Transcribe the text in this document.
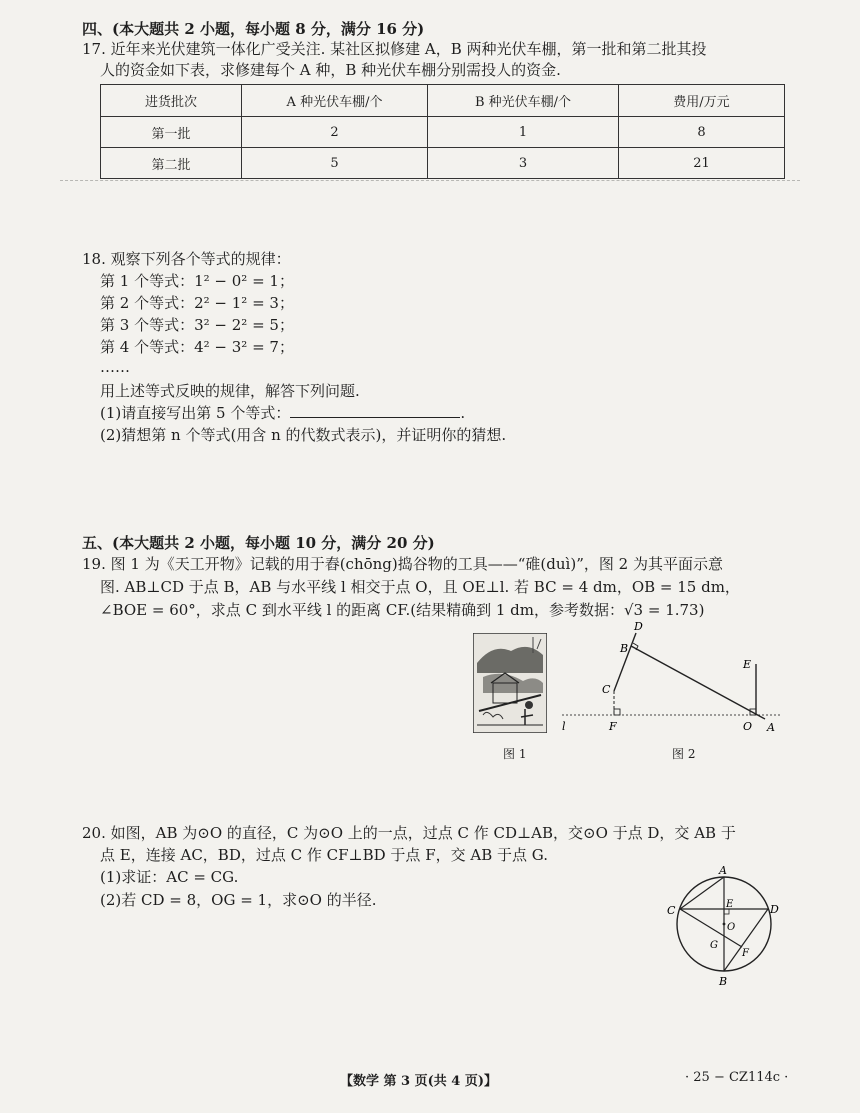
四、(本大题共 2 小题，每小题 8 分，满分 16 分)
17. 近年来光伏建筑一体化广受关注. 某社区拟修建 A，B 两种光伏车棚，第一批和第二批其投
人的资金如下表，求修建每个 A 种，B 种光伏车棚分别需投人的资金.
进货批次	A 种光伏车棚/个	B 种光伏车棚/个	费用/万元
第一批	2	1	8
第二批	5	3	21
18. 观察下列各个等式的规律：
第 1 个等式：1² − 0² = 1；
第 2 个等式：2² − 1² = 3；
第 3 个等式：3² − 2² = 5；
第 4 个等式：4² − 3² = 7；
……
用上述等式反映的规律，解答下列问题.
(1)请直接写出第 5 个等式：	.
(2)猜想第 n 个等式(用含 n 的代数式表示)，并证明你的猜想.
五、(本大题共 2 小题，每小题 10 分，满分 20 分)
19. 图 1 为《天工开物》记载的用于舂(chōng)捣谷物的工具——“碓(duì)”，图 2 为其平面示意
图. AB⊥CD 于点 B，AB 与水平线 l 相交于点 O，且 OE⊥l. 若 BC = 4 dm，OB = 15 dm，
∠BOE = 60°，求点 C 到水平线 l 的距离 CF.(结果精确到 1 dm，参考数据：√3 = 1.73)
图 1
D
B
C
E
l	F	O A
图 2
20. 如图，AB 为⊙O 的直径，C 为⊙O 上的一点，过点 C 作 CD⊥AB，交⊙O 于点 D，交 AB 于
点 E，连接 AC，BD，过点 C 作 CF⊥BD 于点 F，交 AB 于点 G.
(1)求证：AC = CG.
(2)若 CD = 8，OG = 1，求⊙O 的半径.
A
C	E	D
O
G
F
B
【数学 第 3 页(共 4 页)】	· 25 − CZ114c ·
